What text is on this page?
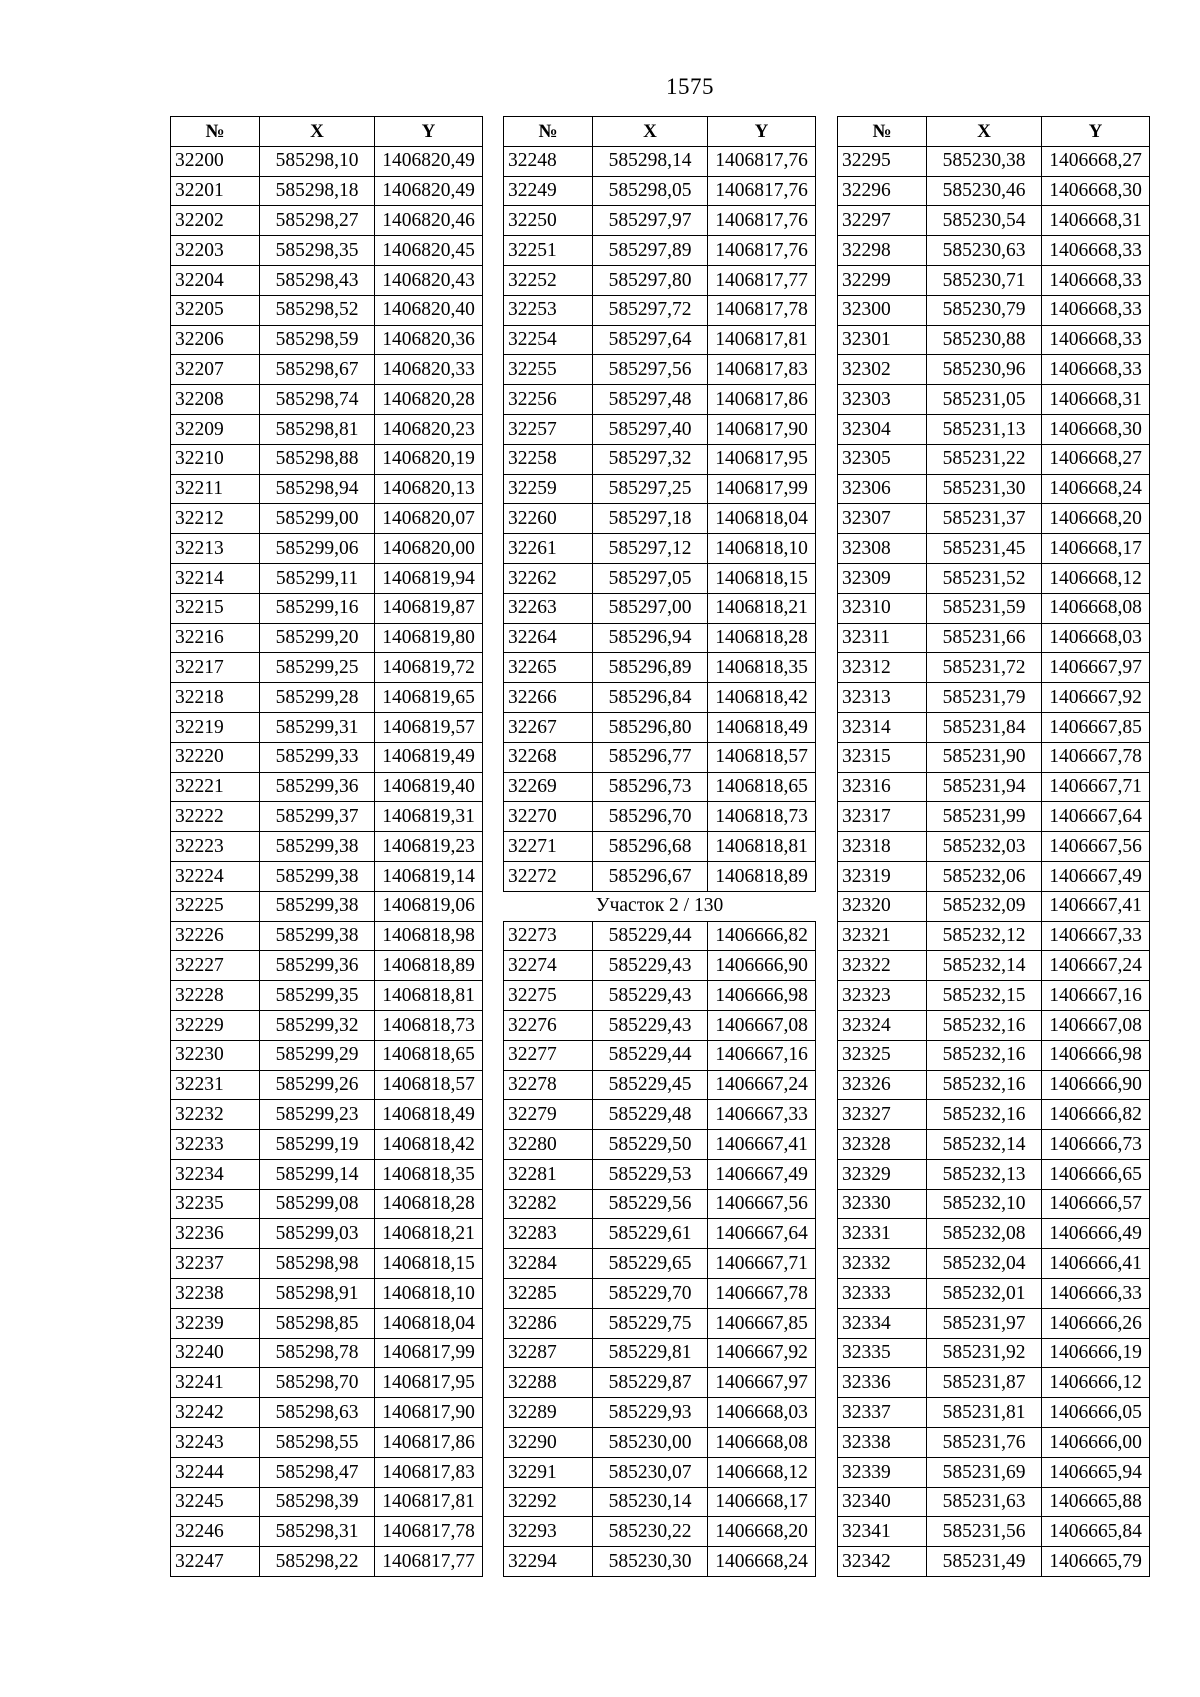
1575
№	X	Y
32200	585298,10	1406820,49
32201	585298,18	1406820,49
32202	585298,27	1406820,46
32203	585298,35	1406820,45
32204	585298,43	1406820,43
32205	585298,52	1406820,40
32206	585298,59	1406820,36
32207	585298,67	1406820,33
32208	585298,74	1406820,28
32209	585298,81	1406820,23
32210	585298,88	1406820,19
32211	585298,94	1406820,13
32212	585299,00	1406820,07
32213	585299,06	1406820,00
32214	585299,11	1406819,94
32215	585299,16	1406819,87
32216	585299,20	1406819,80
32217	585299,25	1406819,72
32218	585299,28	1406819,65
32219	585299,31	1406819,57
32220	585299,33	1406819,49
32221	585299,36	1406819,40
32222	585299,37	1406819,31
32223	585299,38	1406819,23
32224	585299,38	1406819,14
32225	585299,38	1406819,06
32226	585299,38	1406818,98
32227	585299,36	1406818,89
32228	585299,35	1406818,81
32229	585299,32	1406818,73
32230	585299,29	1406818,65
32231	585299,26	1406818,57
32232	585299,23	1406818,49
32233	585299,19	1406818,42
32234	585299,14	1406818,35
32235	585299,08	1406818,28
32236	585299,03	1406818,21
32237	585298,98	1406818,15
32238	585298,91	1406818,10
32239	585298,85	1406818,04
32240	585298,78	1406817,99
32241	585298,70	1406817,95
32242	585298,63	1406817,90
32243	585298,55	1406817,86
32244	585298,47	1406817,83
32245	585298,39	1406817,81
32246	585298,31	1406817,78
32247	585298,22	1406817,77
№	X	Y
32248	585298,14	1406817,76
32249	585298,05	1406817,76
32250	585297,97	1406817,76
32251	585297,89	1406817,76
32252	585297,80	1406817,77
32253	585297,72	1406817,78
32254	585297,64	1406817,81
32255	585297,56	1406817,83
32256	585297,48	1406817,86
32257	585297,40	1406817,90
32258	585297,32	1406817,95
32259	585297,25	1406817,99
32260	585297,18	1406818,04
32261	585297,12	1406818,10
32262	585297,05	1406818,15
32263	585297,00	1406818,21
32264	585296,94	1406818,28
32265	585296,89	1406818,35
32266	585296,84	1406818,42
32267	585296,80	1406818,49
32268	585296,77	1406818,57
32269	585296,73	1406818,65
32270	585296,70	1406818,73
32271	585296,68	1406818,81
32272	585296,67	1406818,89
Участок 2 / 130		
32273	585229,44	1406666,82
32274	585229,43	1406666,90
32275	585229,43	1406666,98
32276	585229,43	1406667,08
32277	585229,44	1406667,16
32278	585229,45	1406667,24
32279	585229,48	1406667,33
32280	585229,50	1406667,41
32281	585229,53	1406667,49
32282	585229,56	1406667,56
32283	585229,61	1406667,64
32284	585229,65	1406667,71
32285	585229,70	1406667,78
32286	585229,75	1406667,85
32287	585229,81	1406667,92
32288	585229,87	1406667,97
32289	585229,93	1406668,03
32290	585230,00	1406668,08
32291	585230,07	1406668,12
32292	585230,14	1406668,17
32293	585230,22	1406668,20
32294	585230,30	1406668,24
№	X	Y
32295	585230,38	1406668,27
32296	585230,46	1406668,30
32297	585230,54	1406668,31
32298	585230,63	1406668,33
32299	585230,71	1406668,33
32300	585230,79	1406668,33
32301	585230,88	1406668,33
32302	585230,96	1406668,33
32303	585231,05	1406668,31
32304	585231,13	1406668,30
32305	585231,22	1406668,27
32306	585231,30	1406668,24
32307	585231,37	1406668,20
32308	585231,45	1406668,17
32309	585231,52	1406668,12
32310	585231,59	1406668,08
32311	585231,66	1406668,03
32312	585231,72	1406667,97
32313	585231,79	1406667,92
32314	585231,84	1406667,85
32315	585231,90	1406667,78
32316	585231,94	1406667,71
32317	585231,99	1406667,64
32318	585232,03	1406667,56
32319	585232,06	1406667,49
32320	585232,09	1406667,41
32321	585232,12	1406667,33
32322	585232,14	1406667,24
32323	585232,15	1406667,16
32324	585232,16	1406667,08
32325	585232,16	1406666,98
32326	585232,16	1406666,90
32327	585232,16	1406666,82
32328	585232,14	1406666,73
32329	585232,13	1406666,65
32330	585232,10	1406666,57
32331	585232,08	1406666,49
32332	585232,04	1406666,41
32333	585232,01	1406666,33
32334	585231,97	1406666,26
32335	585231,92	1406666,19
32336	585231,87	1406666,12
32337	585231,81	1406666,05
32338	585231,76	1406666,00
32339	585231,69	1406665,94
32340	585231,63	1406665,88
32341	585231,56	1406665,84
32342	585231,49	1406665,79
